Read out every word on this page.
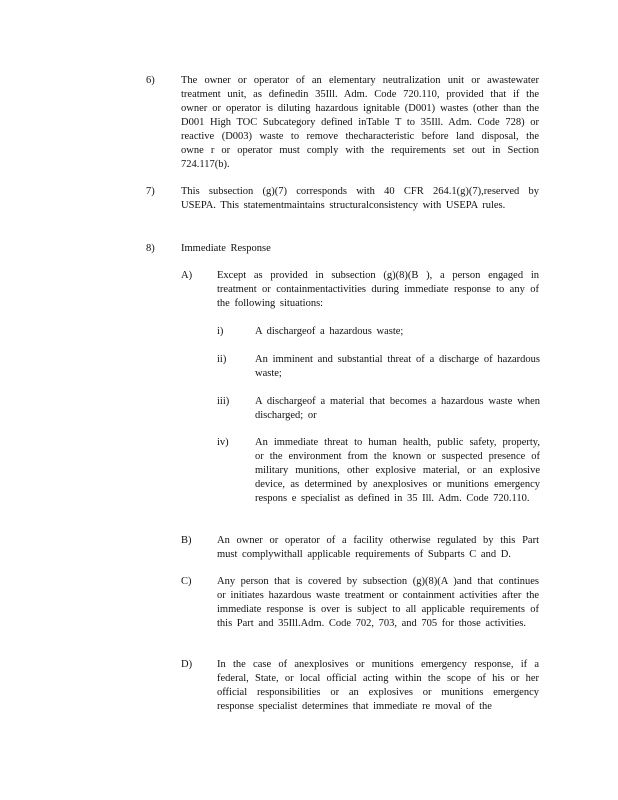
6)	The owner or operator of an elementary neutralization unit or awastewater treatment unit, as definedin 35Ill. Adm. Code 720.110, provided that if the owner or operator is diluting hazardous ignitable (D001) wastes (other than the D001 High TOC Subcategory defined inTable T to 35Ill. Adm. Code 728) or reactive (D003) waste to remove thecharacteristic before land disposal, the owne r or operator must comply with the requirements set out in Section 724.117(b).
7)	This subsection (g)(7) corresponds with 40 CFR 264.1(g)(7),reserved by USEPA. This statementmaintains structuralconsistency with USEPA rules.
8)	Immediate Response
A) Except as provided in subsection (g)(8)(B ), a person engaged in treatment or containmentactivities during immediate response to any of the following situations:
i)	A dischargeof a hazardous waste;
ii)	An imminent and substantial threat of a discharge of hazardous waste;
iii) A dischargeof a material that becomes a hazardous waste when discharged; or
iv)	An immediate threat to human health, public safety, property, or the environment from the known or suspected presence of military munitions, other explosive material, or an explosive device, as determined by anexplosives or munitions emergency respons e specialist as defined in 35 Ill. Adm. Code 720.110.
B) An owner or operator of a facility otherwise regulated by this Part must complywithall applicable requirements of Subparts C and D.
C) Any person that is covered by subsection (g)(8)(A )and that continues or initiates hazardous waste treatment or containment activities after the immediate response is over is subject to all applicable requirements of this Part and 35Ill.Adm. Code 702, 703, and 705 for those activities.
D) In the case of anexplosives or munitions emergency response, if a federal, State, or local official acting within the scope of his or her official responsibilities or an explosives or munitions emergency response specialist determines that immediate re moval of the
